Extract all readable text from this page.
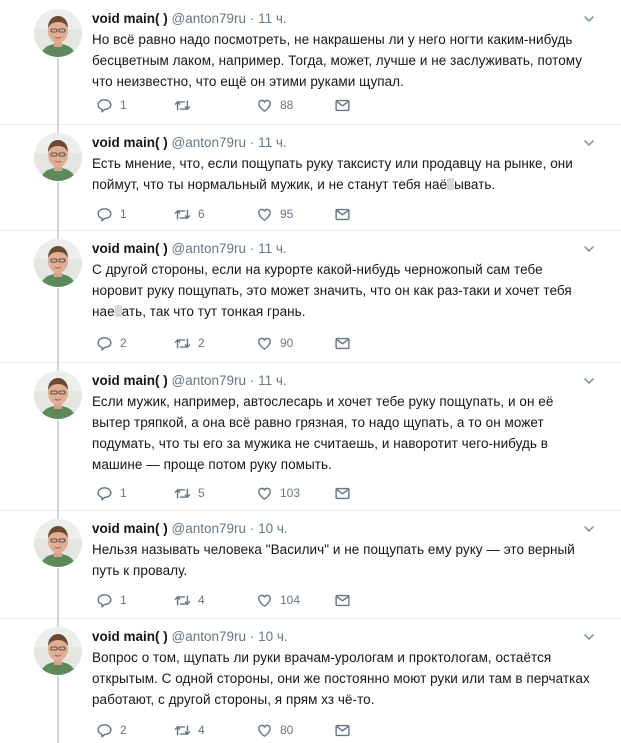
void main( ) @anton79ru · 11 ч.
Но всё равно надо посмотреть, не накрашены ли у него ногти каким-нибудь бесцветным лаком, например. Тогда, может, лучше и не заслуживать, потому что неизвестно, что ещё он этими руками щупал.
1	88
void main( ) @anton79ru · 11 ч.
Есть мнение, что, если пощупать руку таксисту или продавцу на рынке, они поймут, что ты нормальный мужик, и не станут тебя наё ывать.
1	6	95
void main( ) @anton79ru · 11 ч.
С другой стороны, если на курорте какой-нибудь черножопый сам тебе норовит руку пощупать, это может значить, что он как раз-таки и хочет тебя нае ать, так что тут тонкая грань.
2	2	90
void main( ) @anton79ru · 11 ч.
Если мужик, например, автослесарь и хочет тебе руку пощупать, и он её вытер тряпкой, а она всё равно грязная, то надо щупать, а то он может подумать, что ты его за мужика не считаешь, и наворотит чего-нибудь в машине — проще потом руку помыть.
1	5	103
void main( ) @anton79ru · 10 ч.
Нельзя называть человека "Василич" и не пощупать ему руку — это верный путь к провалу.
1	4	104
void main( ) @anton79ru · 10 ч.
Вопрос о том, щупать ли руки врачам-урологам и проктологам, остаётся открытым. С одной стороны, они же постоянно моют руки или там в перчатках работают, с другой стороны, я прям хз чё-то.
2	4	80
